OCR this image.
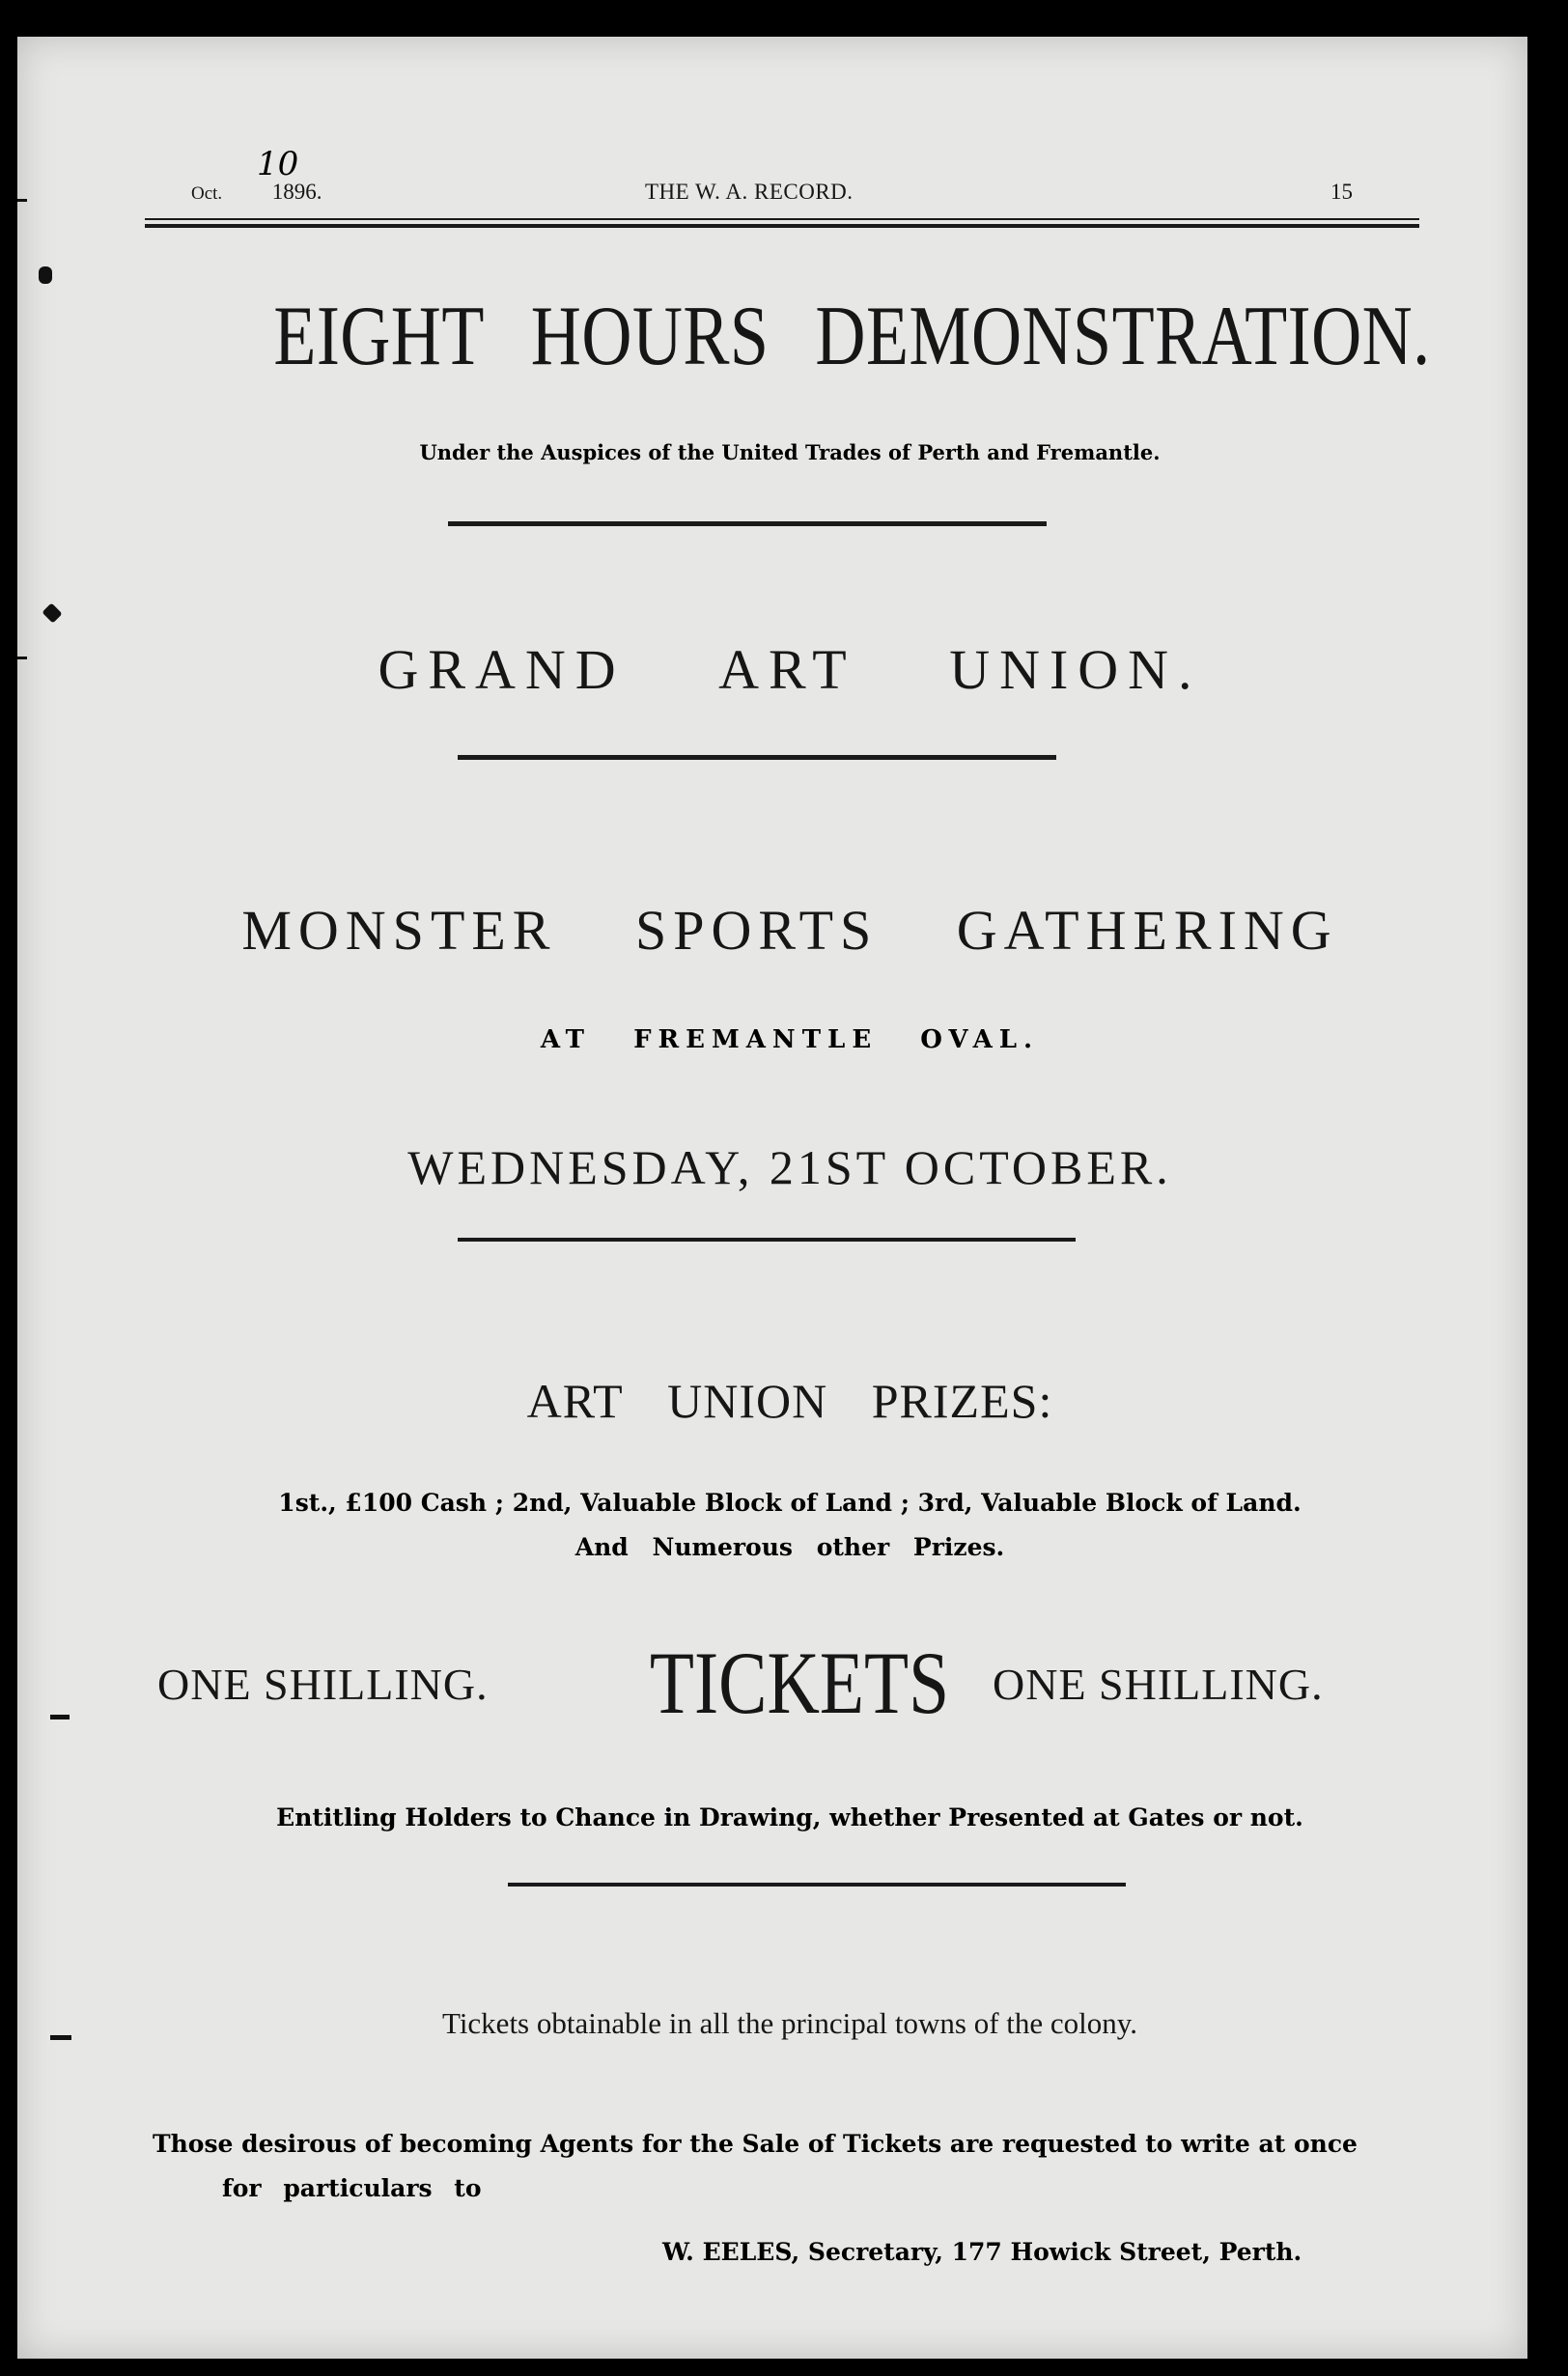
Oct. 1896.
10
THE W. A. RECORD.	15
EIGHT HOURS DEMONSTRATION.
Under the Auspices of the United Trades of Perth and Fremantle.
GRAND ART UNION.
MONSTER SPORTS GATHERING
AT FREMANTLE OVAL.
WEDNESDAY, 21ST OCTOBER.
ART UNION PRIZES:
1st., £100 Cash ; 2nd, Valuable Block of Land ; 3rd, Valuable Block of Land.
And Numerous other Prizes.
ONE SHILLING.	TICKETS ONE SHILLING.
Entitling Holders to Chance in Drawing, whether Presented at Gates or not.
Tickets obtainable in all the principal towns of the colony.
Those desirous of becoming Agents for the Sale of Tickets are requested to write at once
for particulars to
W. EELES, Secretary, 177 Howick Street, Perth.
